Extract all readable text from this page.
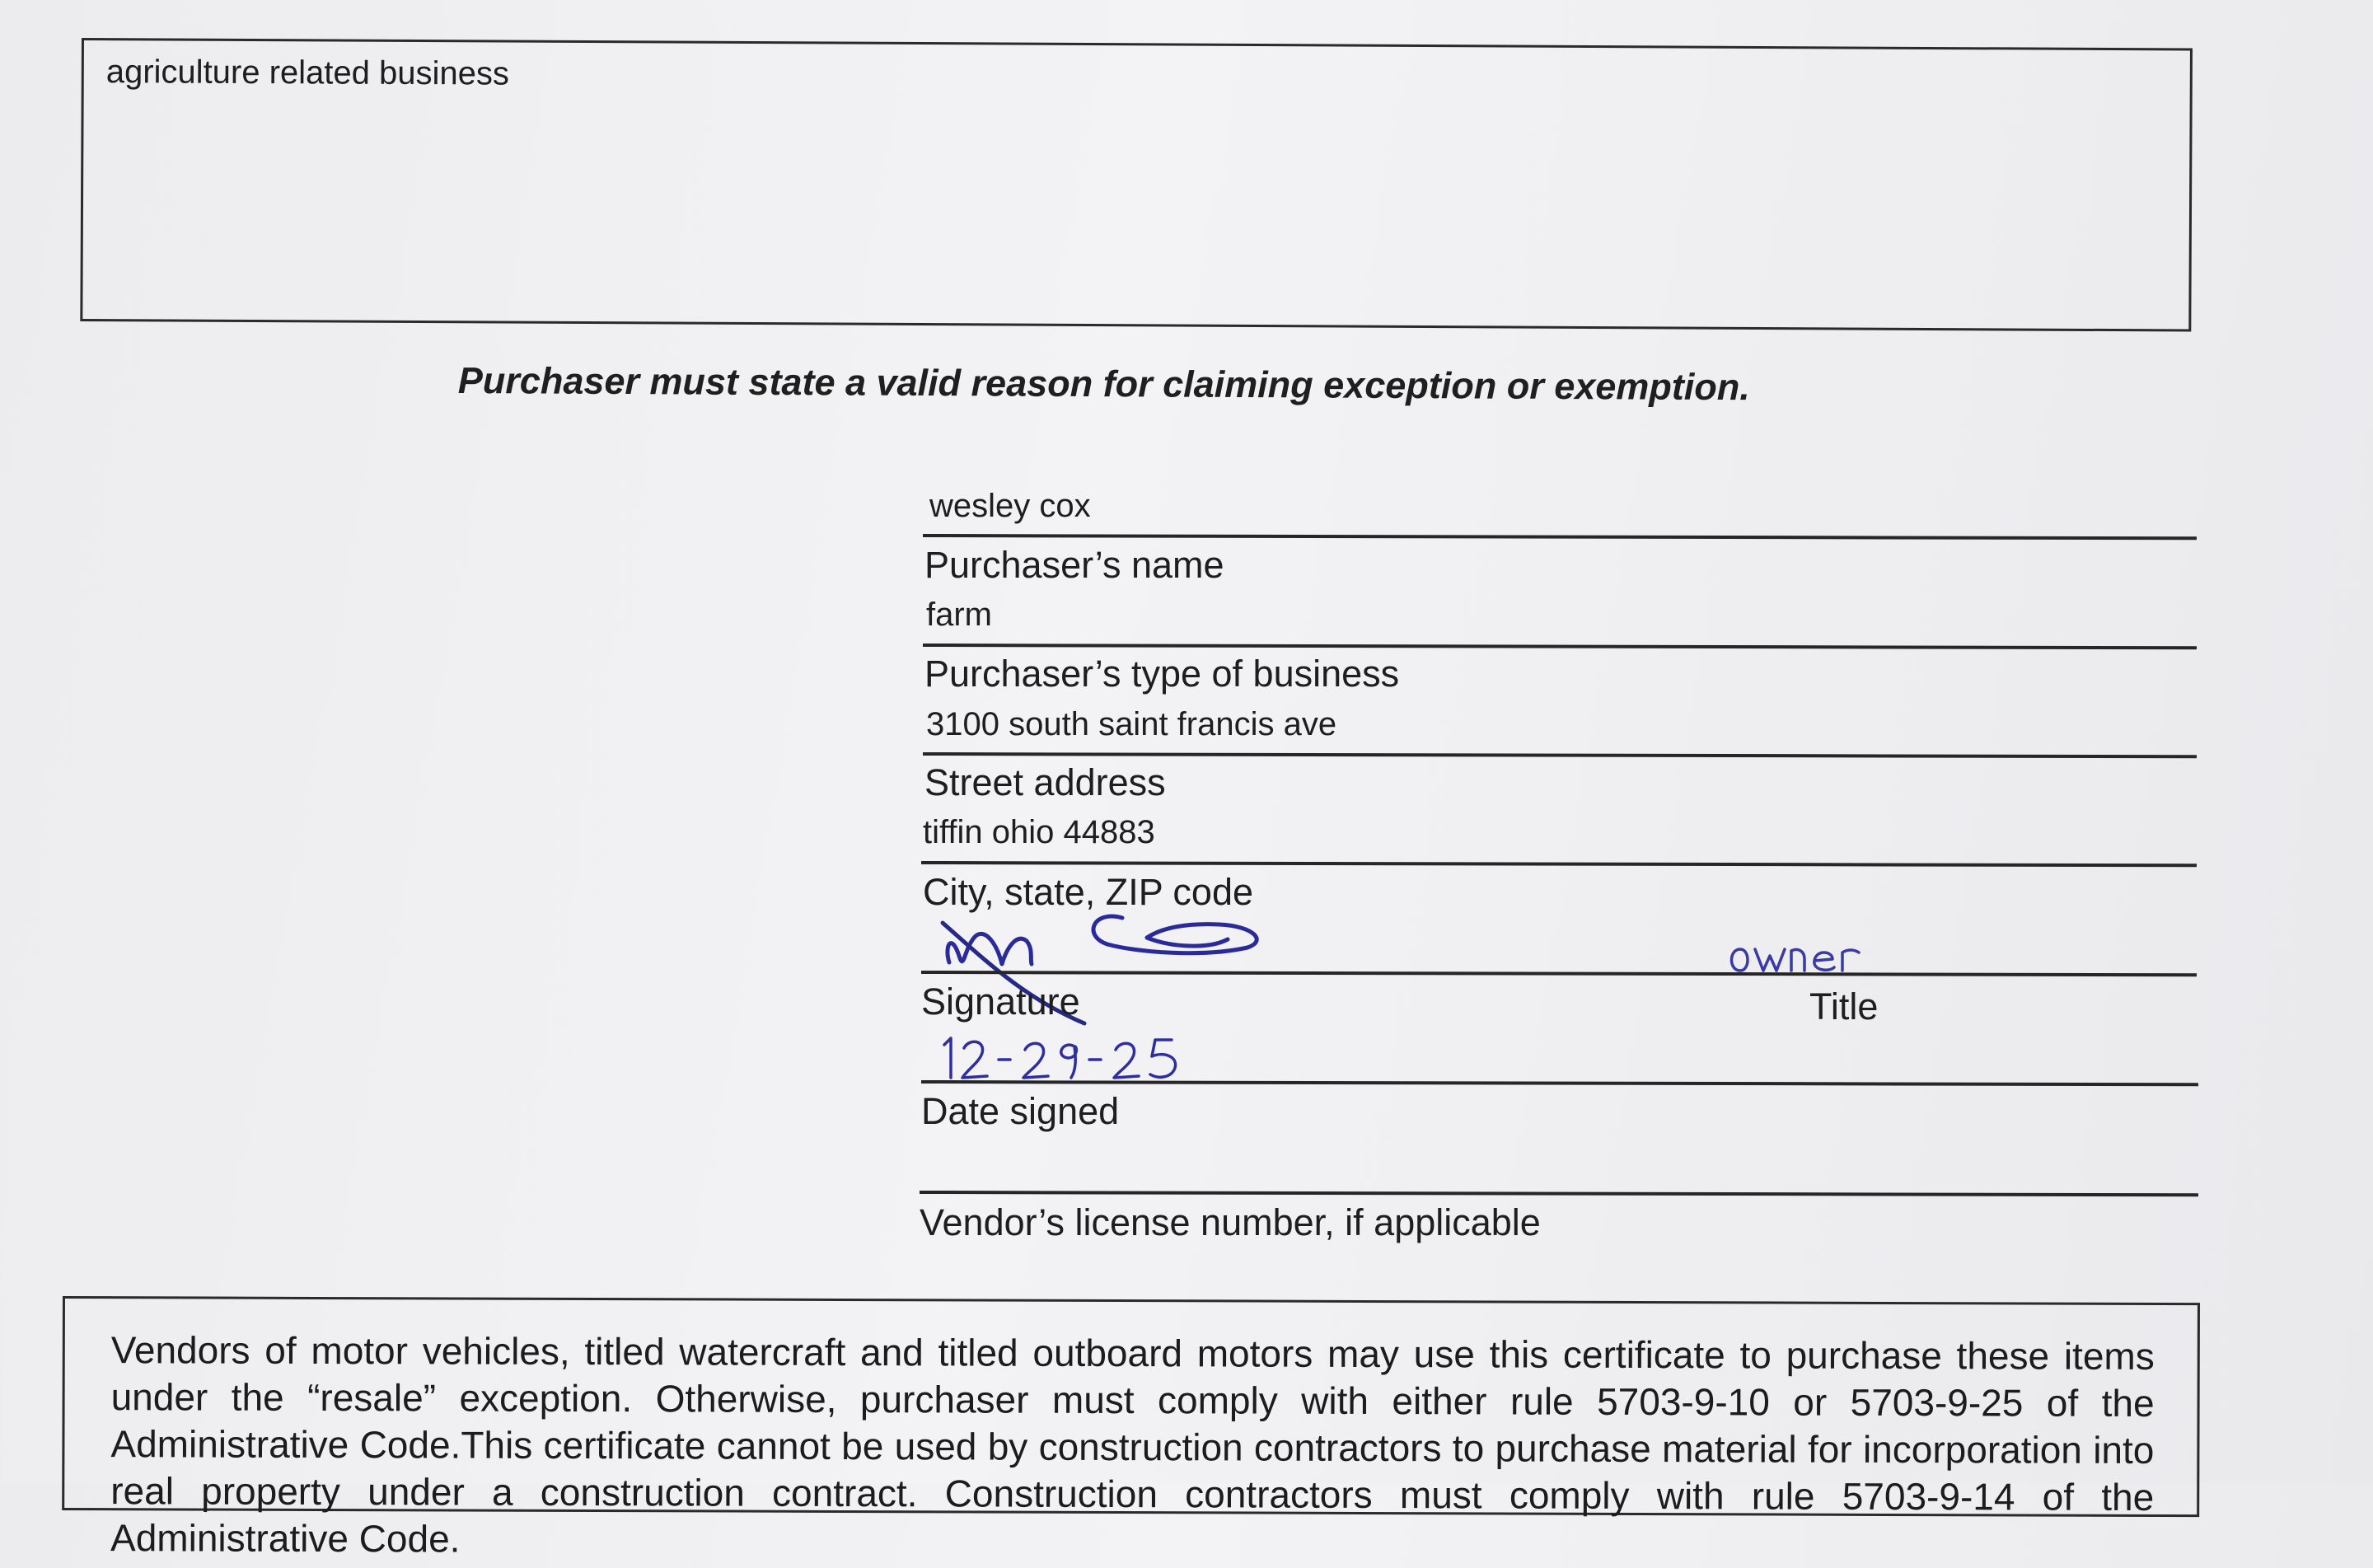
agriculture related business
Purchaser must state a valid reason for claiming exception or exemption.
wesley cox
Purchaser’s name
farm
Purchaser’s type of business
3100 south saint francis ave
Street address
tiffin ohio 44883
City, state, ZIP code
Signature	Title
Date signed
Vendor’s license number, if applicable
Vendors of motor vehicles, titled watercraft and titled outboard motors may use this certificate to purchase these items under the “resale” exception. Otherwise, purchaser must comply with either rule 5703-9-10 or 5703-9-25 of the Administrative Code.This certificate cannot be used by construction contractors to purchase material for incorporation into real property under a construction contract. Construction contractors must comply with rule 5703-9-14 of the Administrative Code.
